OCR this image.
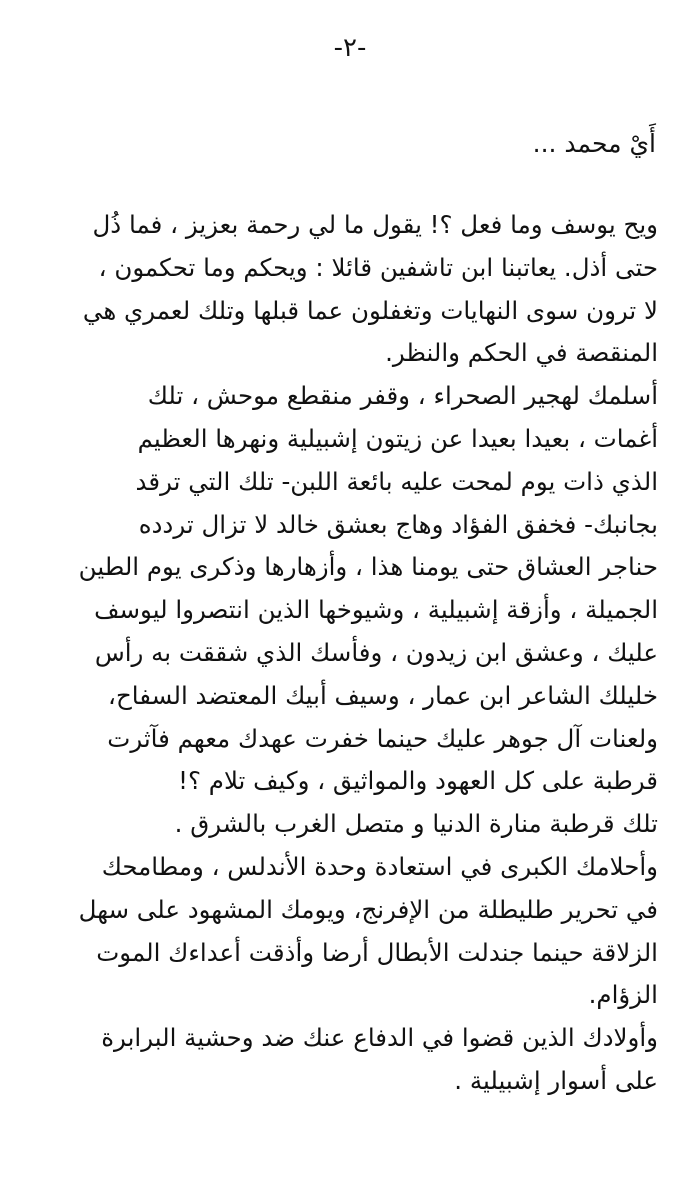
-٢-

أَيْ محمد ...

ويح يوسف وما فعل ؟! يقول ما لي رحمة بعزيز ، فما ذُل
حتى أذل. يعاتبنا ابن تاشفين قائلا : ويحكم وما تحكمون ،
لا ترون سوى النهايات وتغفلون عما قبلها وتلك لعمري هي
المنقصة في الحكم والنظر.
أسلمك لهجير الصحراء ، وقفر منقطع موحش ، تلك
أغمات ، بعيدا بعيدا عن زيتون إشبيلية ونهرها العظيم
الذي ذات يوم لمحت عليه بائعة اللبن- تلك التي ترقد
بجانبك- فخفق الفؤاد وهاج بعشق خالد لا تزال تردده
حناجر العشاق حتى يومنا هذا ، وأزهارها وذكرى يوم الطين
الجميلة ، وأزقة إشبيلية ، وشيوخها الذين انتصروا ليوسف
عليك ، وعشق ابن زيدون ، وفأسك الذي شققت به رأس
خليلك الشاعر ابن عمار ، وسيف أبيك المعتضد السفاح،
ولعنات آل جوهر عليك حينما خفرت عهدك معهم فآثرت
قرطبة على كل العهود والمواثيق ، وكيف تلام ؟!
تلك قرطبة منارة الدنيا و متصل الغرب بالشرق .
وأحلامك الكبرى في استعادة وحدة الأندلس ، ومطامحك
في تحرير طليطلة من الإفرنج، ويومك المشهود على سهل
الزلاقة حينما جندلت الأبطال أرضا وأذقت أعداءك الموت
الزؤام.
وأولادك الذين قضوا في الدفاع عنك ضد وحشية البرابرة
على أسوار إشبيلية .
